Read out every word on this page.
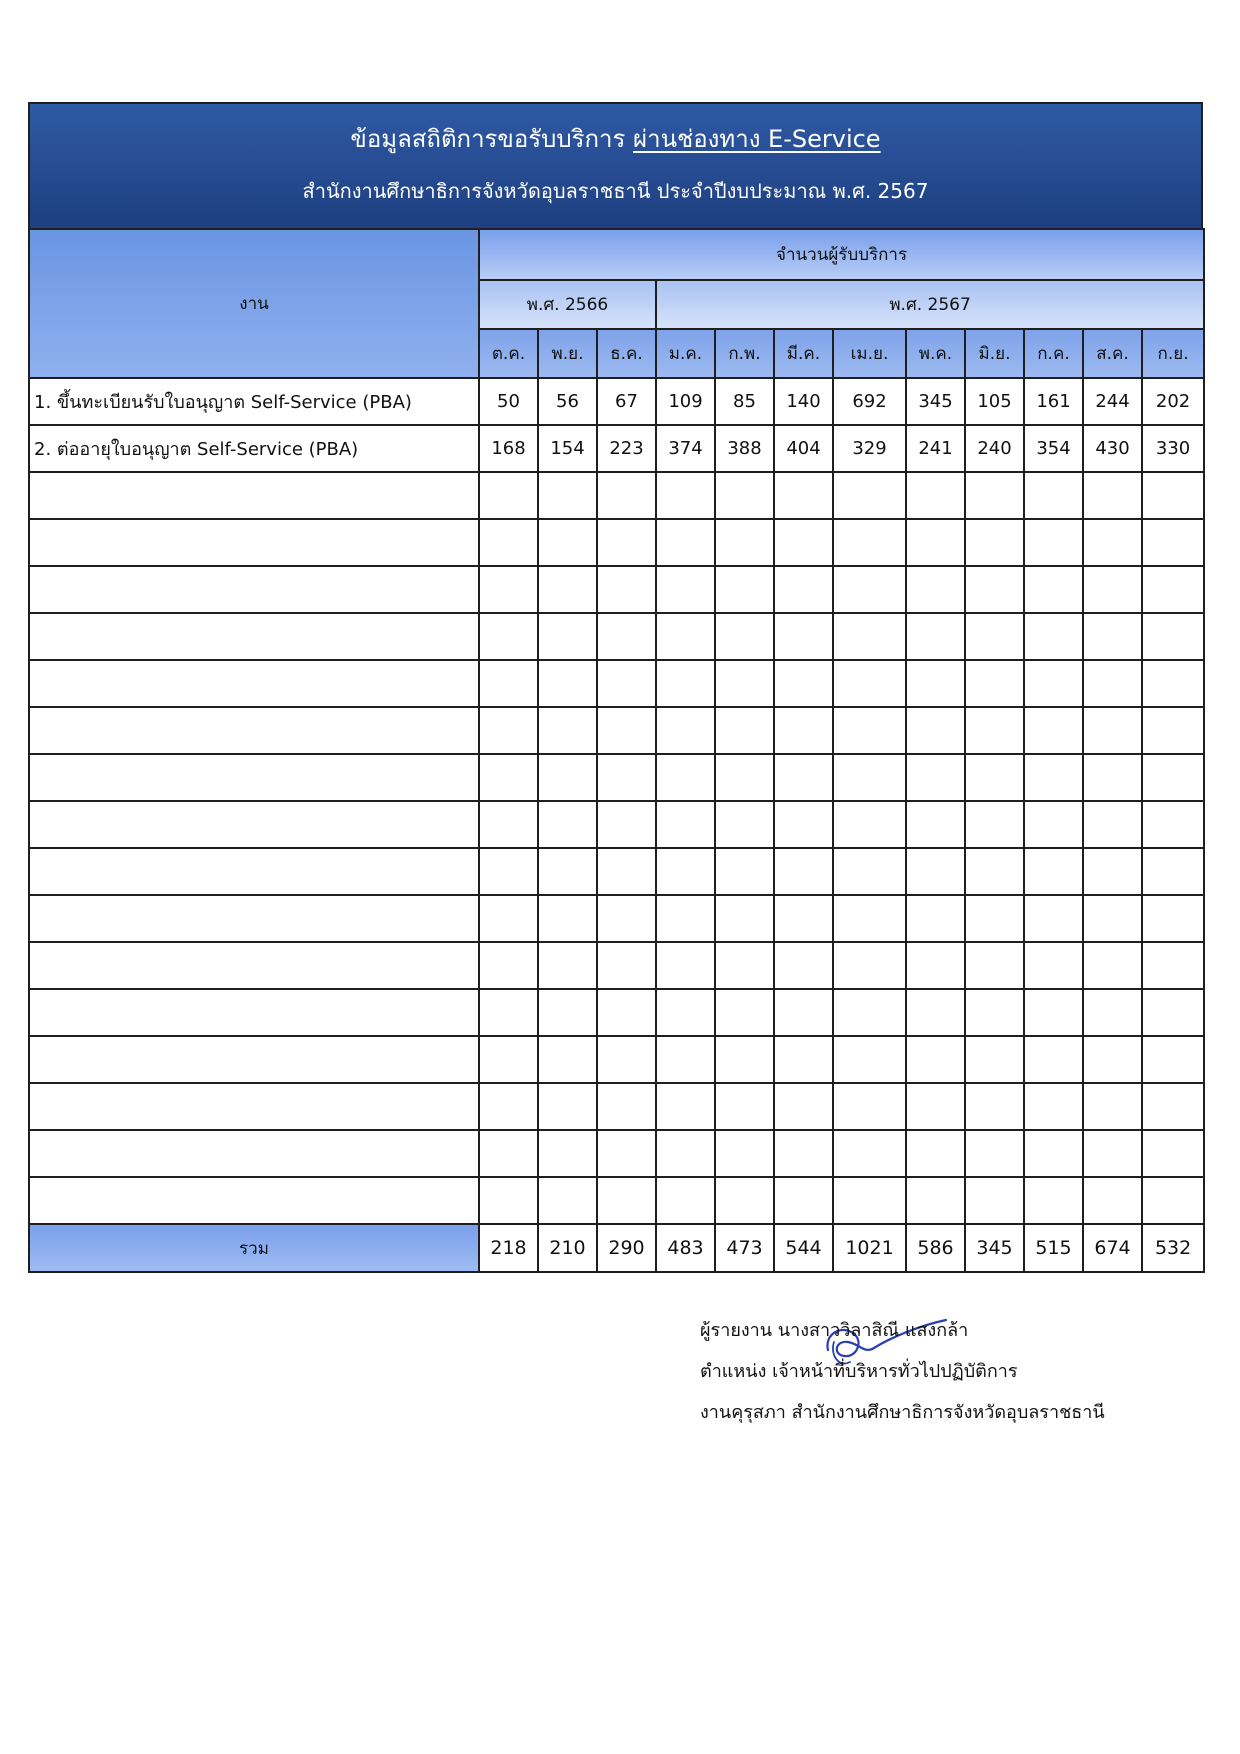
ข้อมูลสถิติการขอรับบริการ ผ่านช่องทาง E-Service
สำนักงานศึกษาธิการจังหวัดอุบลราชธานี ประจำปีงบประมาณ พ.ศ. 2567
งาน	จำนวนผู้รับบริการ											
	พ.ศ. 2566			พ.ศ. 2567								
	ต.ค.	พ.ย.	ธ.ค.	ม.ค.	ก.พ.	มี.ค.	เม.ย.	พ.ค.	มิ.ย.	ก.ค.	ส.ค.	ก.ย.
1. ขึ้นทะเบียนรับใบอนุญาต Self-Service (PBA)	50	56	67	109	85	140	692	345	105	161	244	202
2. ต่ออายุใบอนุญาต Self-Service (PBA)	168	154	223	374	388	404	329	241	240	354	430	330

รวม	218	210	290	483	473	544	1021	586	345	515	674	532
ผู้รายงาน นางสาววิลาสิณี แสงกล้า
ตำแหน่ง เจ้าหน้าที่บริหารทั่วไปปฏิบัติการ
งานคุรุสภา สำนักงานศึกษาธิการจังหวัดอุบลราชธานี
